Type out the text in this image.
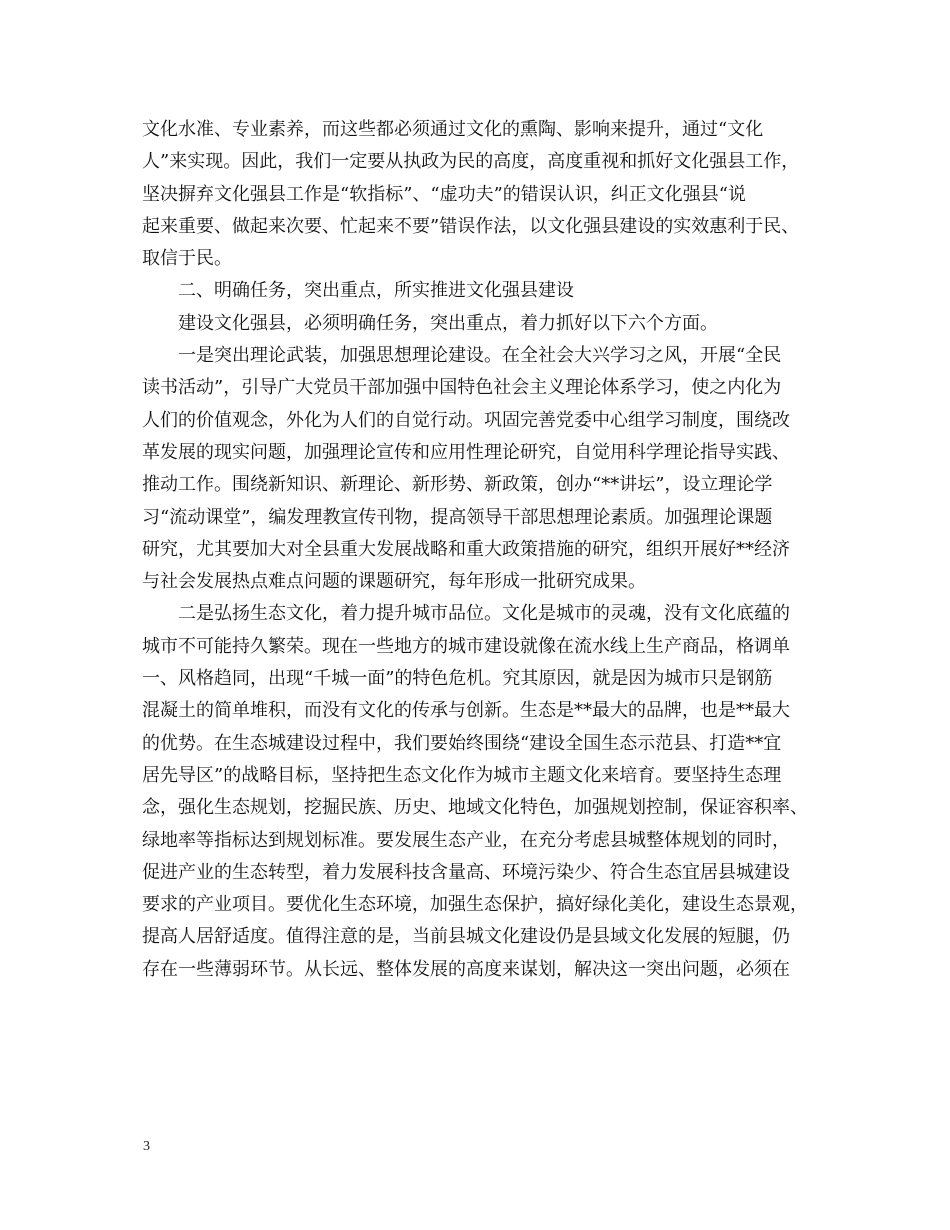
文化水准、专业素养，而这些都必须通过文化的熏陶、影响来提升，通过“文化
人”来实现。因此，我们一定要从执政为民的高度，高度重视和抓好文化强县工作，
坚决摒弃文化强县工作是“软指标”、“虚功夫”的错误认识，纠正文化强县“说
起来重要、做起来次要、忙起来不要”错误作法，以文化强县建设的实效惠利于民、
取信于民。
二、明确任务，突出重点，所实推进文化强县建设
建设文化强县，必须明确任务，突出重点，着力抓好以下六个方面。
一是突出理论武装，加强思想理论建设。在全社会大兴学习之风，开展“全民
读书活动”，引导广大党员干部加强中国特色社会主义理论体系学习，使之内化为
人们的价值观念，外化为人们的自觉行动。巩固完善党委中心组学习制度，围绕改
革发展的现实问题，加强理论宣传和应用性理论研究，自觉用科学理论指导实践、
推动工作。围绕新知识、新理论、新形势、新政策，创办“**讲坛”，设立理论学
习“流动课堂”，编发理教宣传刊物，提高领导干部思想理论素质。加强理论课题
研究，尤其要加大对全县重大发展战略和重大政策措施的研究，组织开展好**经济
与社会发展热点难点问题的课题研究，每年形成一批研究成果。
二是弘扬生态文化，着力提升城市品位。文化是城市的灵魂，没有文化底蕴的
城市不可能持久繁荣。现在一些地方的城市建设就像在流水线上生产商品，格调单
一、风格趋同，出现“千城一面”的特色危机。究其原因，就是因为城市只是钢筋
混凝土的简单堆积，而没有文化的传承与创新。生态是**最大的品牌，也是**最大
的优势。在生态城建设过程中，我们要始终围绕“建设全国生态示范县、打造**宜
居先导区”的战略目标，坚持把生态文化作为城市主题文化来培育。要坚持生态理
念，强化生态规划，挖掘民族、历史、地域文化特色，加强规划控制，保证容积率、
绿地率等指标达到规划标准。要发展生态产业，在充分考虑县城整体规划的同时，
促进产业的生态转型，着力发展科技含量高、环境污染少、符合生态宜居县城建设
要求的产业项目。要优化生态环境，加强生态保护，搞好绿化美化，建设生态景观，
提高人居舒适度。值得注意的是，当前县城文化建设仍是县域文化发展的短腿，仍
存在一些薄弱环节。从长远、整体发展的高度来谋划，解决这一突出问题，必须在
3
